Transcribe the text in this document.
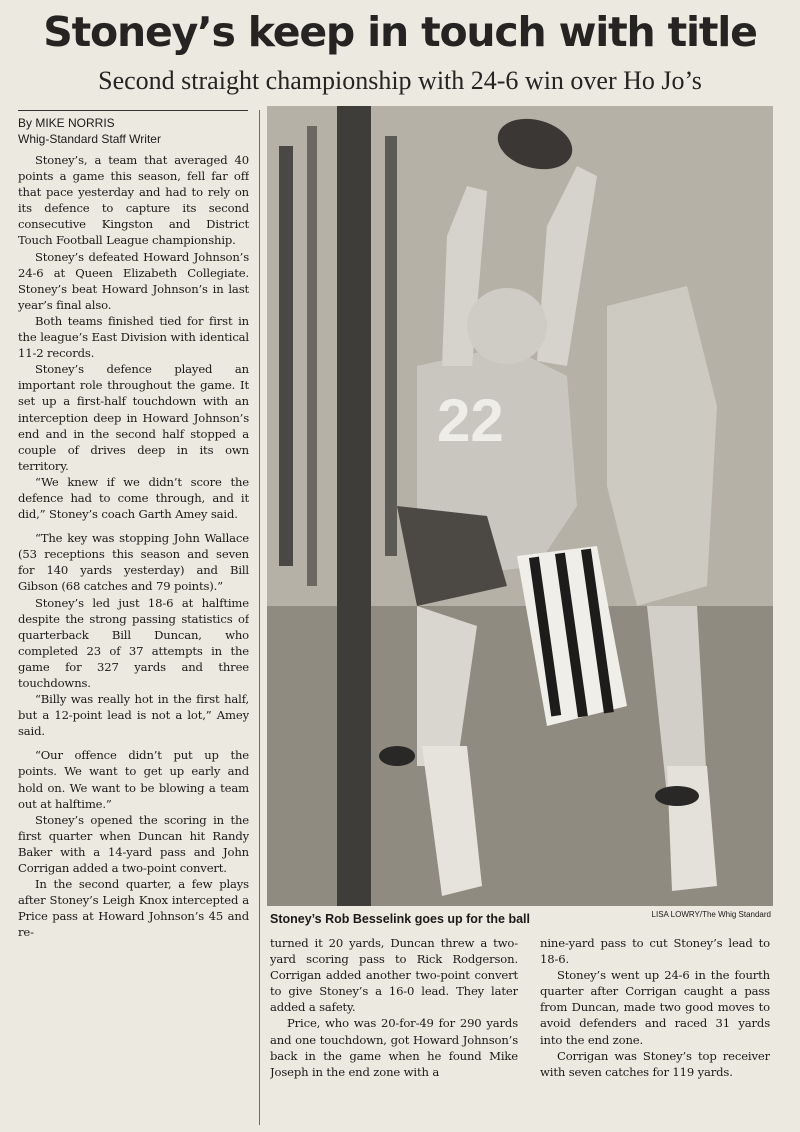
Stoney’s keep in touch with title
Second straight championship with 24-6 win over Ho Jo’s
By MIKE NORRIS
Whig-Standard Staff Writer

Stoney’s, a team that averaged 40 points a game this season, fell far off that pace yesterday and had to rely on its defence to capture its second consecutive Kingston and District Touch Football League championship.

Stoney’s defeated Howard Johnson’s 24-6 at Queen Elizabeth Collegiate. Stoney’s beat Howard Johnson’s in last year’s final also.

Both teams finished tied for first in the league’s East Division with identical 11-2 records.

Stoney’s defence played an important role throughout the game. It set up a first-half touchdown with an interception deep in Howard Johnson’s end and in the second half stopped a couple of drives deep in its own territory.

“We knew if we didn’t score the defence had to come through, and it did,” Stoney’s coach Garth Amey said.

“The key was stopping John Wallace (53 receptions this season and seven for 140 yards yesterday) and Bill Gibson (68 catches and 79 points).”

Stoney’s led just 18-6 at halftime despite the strong passing statistics of quarterback Bill Duncan, who completed 23 of 37 attempts in the game for 327 yards and three touchdowns.

“Billy was really hot in the first half, but a 12-point lead is not a lot,” Amey said.

“Our offence didn’t put up the points. We want to get up early and hold on. We want to be blowing a team out at halftime.”

Stoney’s opened the scoring in the first quarter when Duncan hit Randy Baker with a 14-yard pass and John Corrigan added a two-point convert.

In the second quarter, a few plays after Stoney’s Leigh Knox intercepted a Price pass at Howard Johnson’s 45 and re-

22
Stoney’s Rob Besselink goes up for the ball	LISA LOWRY/The Whig Standard

turned it 20 yards, Duncan threw a two-yard scoring pass to Rick Rodgerson. Corrigan added another two-point convert to give Stoney’s a 16-0 lead. They later added a safety.

Price, who was 20-for-49 for 290 yards and one touchdown, got Howard Johnson’s back in the game when he found Mike Joseph in the end zone with a

nine-yard pass to cut Stoney’s lead to 18-6.

Stoney’s went up 24-6 in the fourth quarter after Corrigan caught a pass from Duncan, made two good moves to avoid defenders and raced 31 yards into the end zone.

Corrigan was Stoney’s top receiver with seven catches for 119 yards.
